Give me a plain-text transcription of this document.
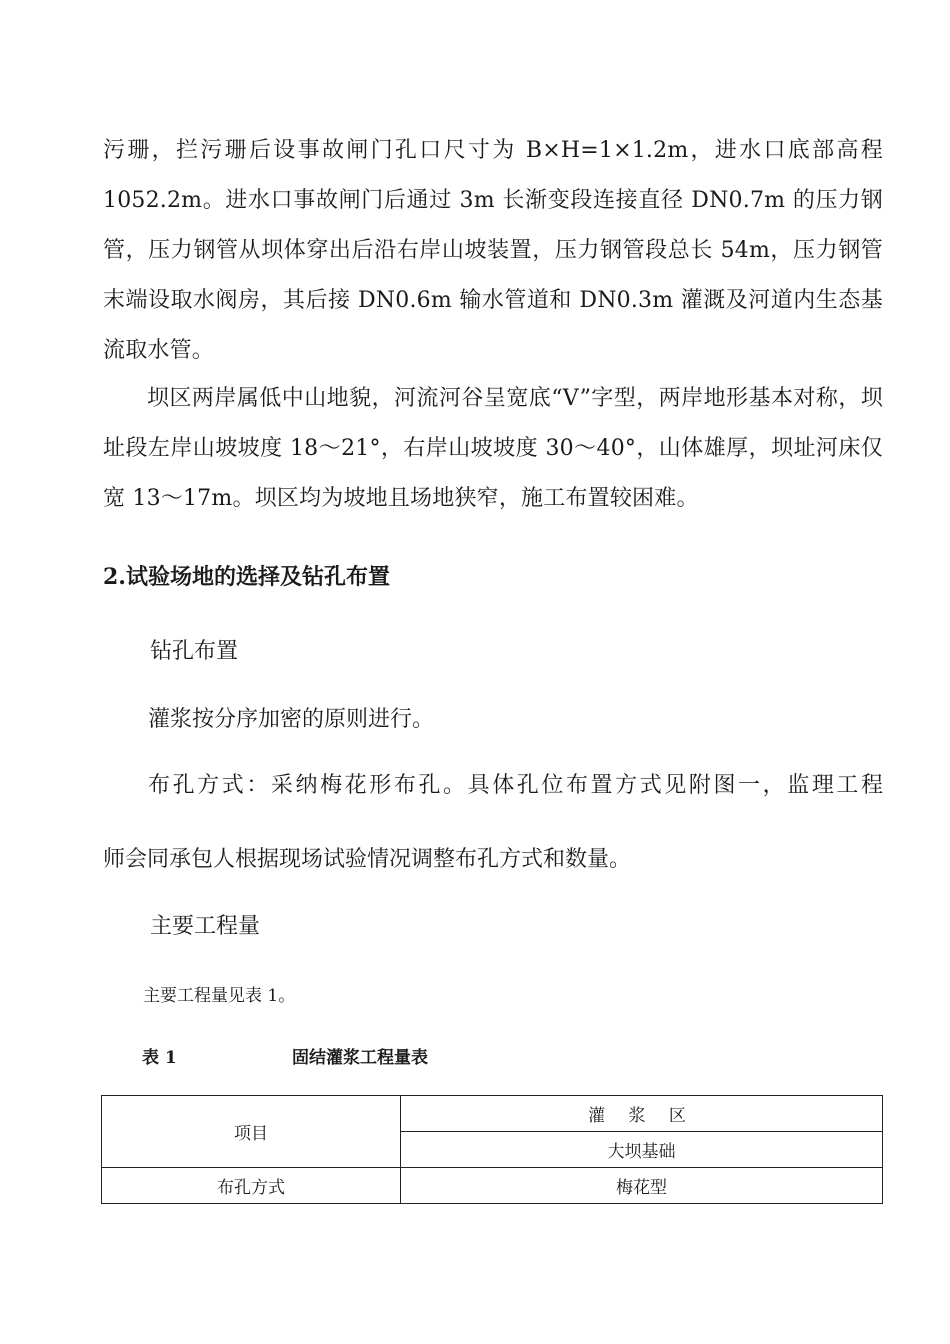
污珊，拦污珊后设事故闸门孔口尺寸为 B×H=1×1.2m，进水口底部高程1052.2m。进水口事故闸门后通过 3m 长渐变段连接直径 DN0.7m 的压力钢管，压力钢管从坝体穿出后沿右岸山坡装置，压力钢管段总长 54m，压力钢管末端设取水阀房，其后接 DN0.6m 输水管道和 DN0.3m 灌溉及河道内生态基流取水管。

坝区两岸属低中山地貌，河流河谷呈宽底“V”字型，两岸地形基本对称，坝址段左岸山坡坡度 18～21°，右岸山坡坡度 30～40°，山体雄厚，坝址河床仅宽 13～17m。坝区均为坡地且场地狭窄，施工布置较困难。

2.试验场地的选择及钻孔布置

钻孔布置

灌浆按分序加密的原则进行。

布孔方式：采纳梅花形布孔。具体孔位布置方式见附图一，监理工程

师会同承包人根据现场试验情况调整布孔方式和数量。

主要工程量

主要工程量见表 1。

表 1	固结灌浆工程量表

项目	灌 浆 区
	大坝基础
布孔方式	梅花型
